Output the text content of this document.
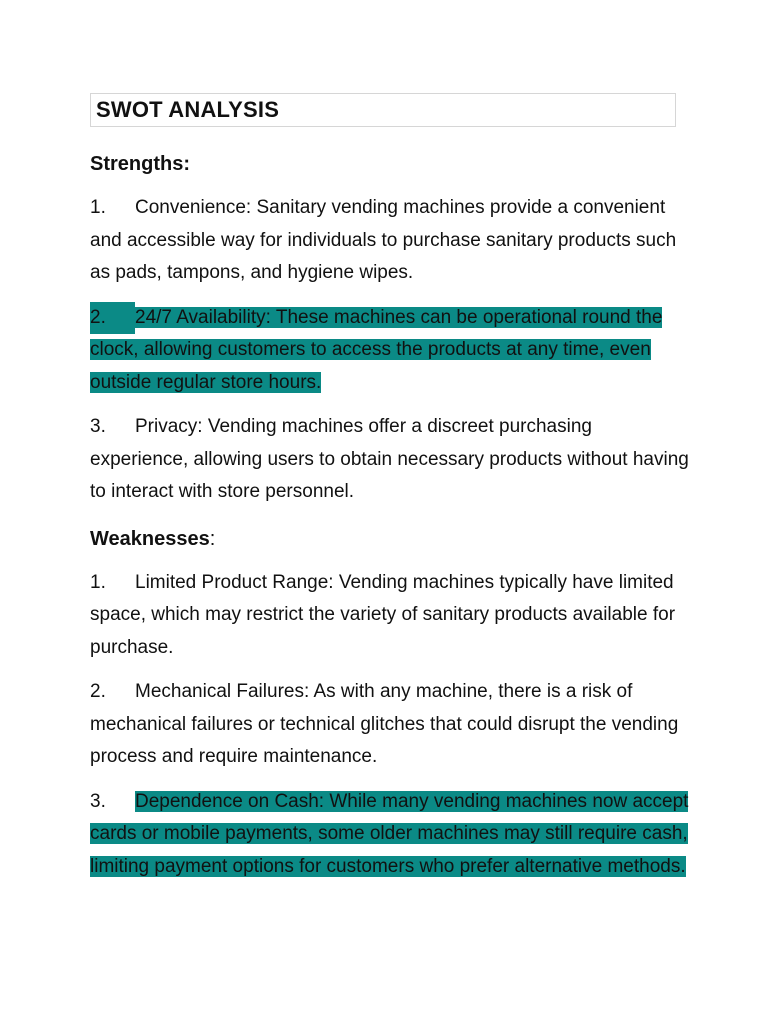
SWOT ANALYSIS
Strengths:
1. Convenience: Sanitary vending machines provide a convenient and accessible way for individuals to purchase sanitary products such as pads, tampons, and hygiene wipes.
2. 24/7 Availability: These machines can be operational round the clock, allowing customers to access the products at any time, even outside regular store hours.
3. Privacy: Vending machines offer a discreet purchasing experience, allowing users to obtain necessary products without having to interact with store personnel.
Weaknesses:
1. Limited Product Range: Vending machines typically have limited space, which may restrict the variety of sanitary products available for purchase.
2. Mechanical Failures: As with any machine, there is a risk of mechanical failures or technical glitches that could disrupt the vending process and require maintenance.
3. Dependence on Cash: While many vending machines now accept cards or mobile payments, some older machines may still require cash, limiting payment options for customers who prefer alternative methods.
